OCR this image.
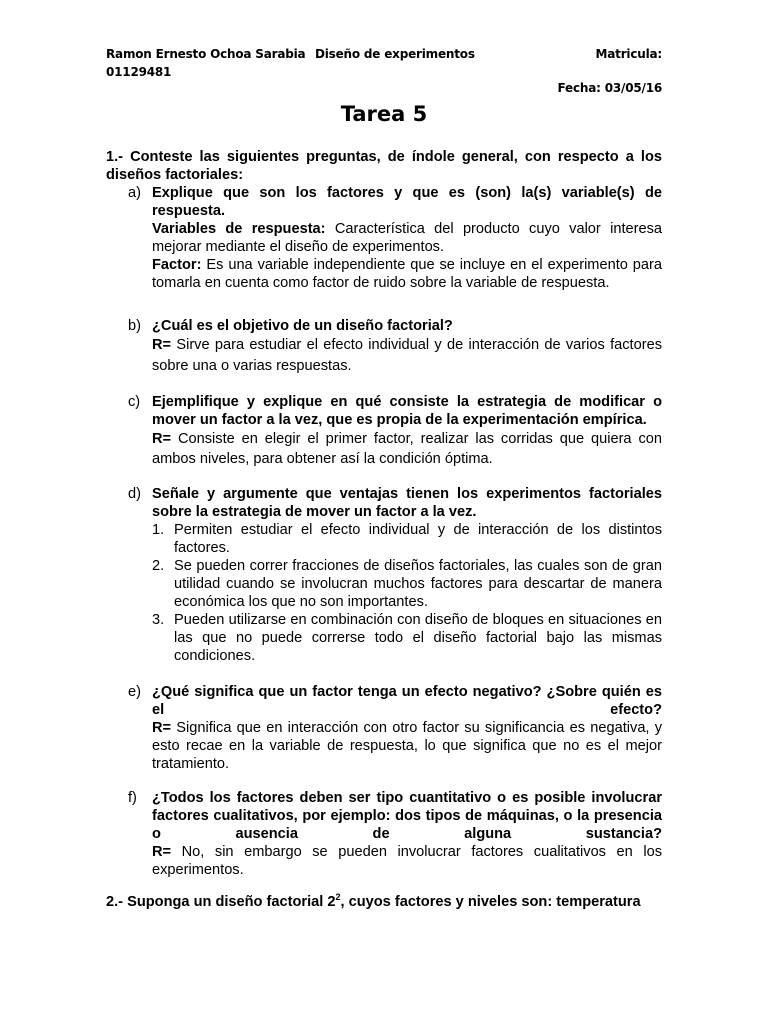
Ramon Ernesto Ochoa Sarabia
01129481
Diseño de experimentos	Matricula:
Fecha: 03/05/16
Tarea 5
1.- Conteste las siguientes preguntas, de índole general, con respecto a los diseños factoriales:
a) Explique que son los factores y que es (son) la(s) variable(s) de respuesta.
Variables de respuesta: Característica del producto cuyo valor interesa mejorar mediante el diseño de experimentos.
Factor: Es una variable independiente que se incluye en el experimento para tomarla en cuenta como factor de ruido sobre la variable de respuesta.
b) ¿Cuál es el objetivo de un diseño factorial?
R= Sirve para estudiar el efecto individual y de interacción de varios factores sobre una o varias respuestas.
c) Ejemplifique y explique en qué consiste la estrategia de modificar o mover un factor a la vez, que es propia de la experimentación empírica.
R= Consiste en elegir el primer factor, realizar las corridas que quiera con ambos niveles, para obtener así la condición óptima.
d) Señale y argumente que ventajas tienen los experimentos factoriales sobre la estrategia de mover un factor a la vez.
1. Permiten estudiar el efecto individual y de interacción de los distintos factores.
2. Se pueden correr fracciones de diseños factoriales, las cuales son de gran utilidad cuando se involucran muchos factores para descartar de manera económica los que no son importantes.
3. Pueden utilizarse en combinación con diseño de bloques en situaciones en las que no puede correrse todo el diseño factorial bajo las mismas condiciones.
e) ¿Qué significa que un factor tenga un efecto negativo? ¿Sobre quién es el efecto?
R= Significa que en interacción con otro factor su significancia es negativa, y esto recae en la variable de respuesta, lo que significa que no es el mejor tratamiento.
f) ¿Todos los factores deben ser tipo cuantitativo o es posible involucrar factores cualitativos, por ejemplo: dos tipos de máquinas, o la presencia o ausencia de alguna sustancia?
R= No, sin embargo se pueden involucrar factores cualitativos en los experimentos.
2.- Suponga un diseño factorial $2^2$, cuyos factores y niveles son: temperatura
